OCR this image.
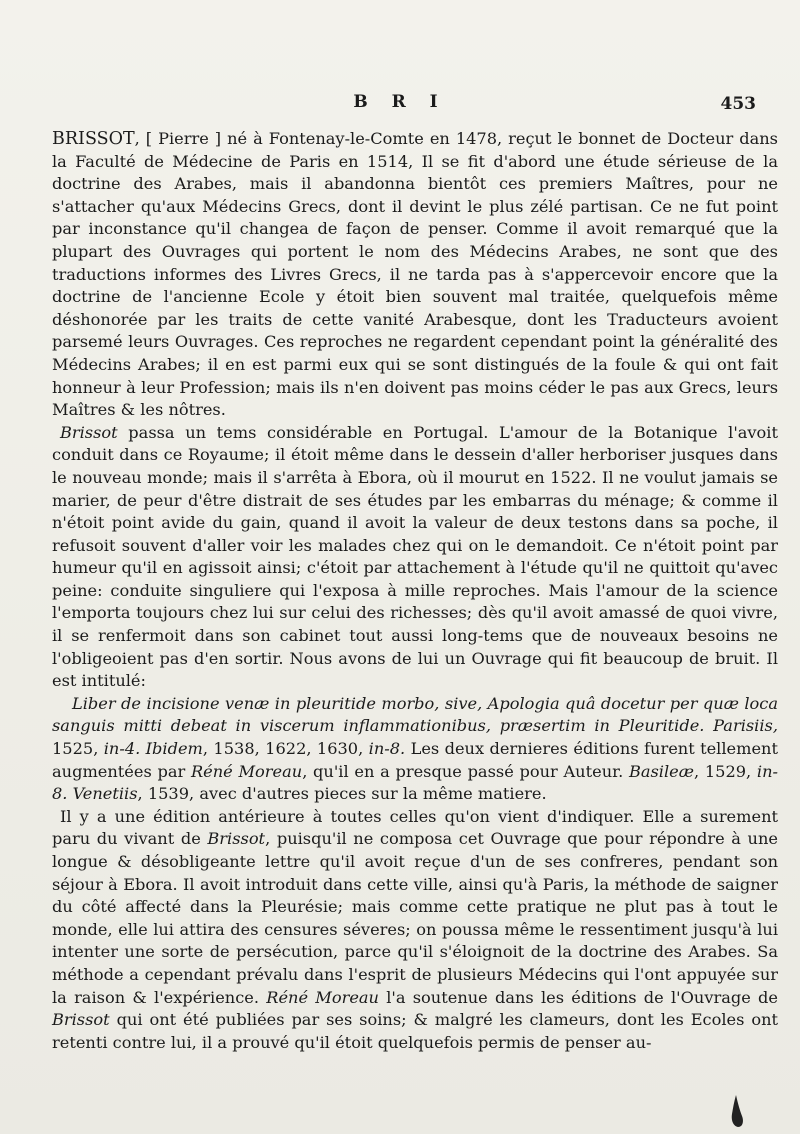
B R I	453

BRISSOT, [ Pierre ] né à Fontenay-le-Comte en 1478, reçut le bonnet de Docteur dans la Faculté de Médecine de Paris en 1514, Il se fit d'abord une étude sérieuse de la doctrine des Arabes, mais il abandonna bientôt ces premiers Maîtres, pour ne s'attacher qu'aux Médecins Grecs, dont il devint le plus zélé partisan. Ce ne fut point par inconstance qu'il changea de façon de penser. Comme il avoit remarqué que la plupart des Ouvrages qui portent le nom des Médecins Arabes, ne sont que des traductions informes des Livres Grecs, il ne tarda pas à s'appercevoir encore que la doctrine de l'ancienne Ecole y étoit bien souvent mal traitée, quelquefois même déshonorée par les traits de cette vanité Arabesque, dont les Traducteurs avoient parsemé leurs Ouvrages. Ces reproches ne regardent cependant point la généralité des Médecins Arabes; il en est parmi eux qui se sont distingués de la foule & qui ont fait honneur à leur Profession; mais ils n'en doivent pas moins céder le pas aux Grecs, leurs Maîtres & les nôtres.

Brissot passa un tems considérable en Portugal. L'amour de la Botanique l'avoit conduit dans ce Royaume; il étoit même dans le dessein d'aller herboriser jusques dans le nouveau monde; mais il s'arrêta à Ebora, où il mourut en 1522. Il ne voulut jamais se marier, de peur d'être distrait de ses études par les embarras du ménage; & comme il n'étoit point avide du gain, quand il avoit la valeur de deux testons dans sa poche, il refusoit souvent d'aller voir les malades chez qui on le demandoit. Ce n'étoit point par humeur qu'il en agissoit ainsi; c'étoit par attachement à l'étude qu'il ne quittoit qu'avec peine: conduite singuliere qui l'exposa à mille reproches. Mais l'amour de la science l'emporta toujours chez lui sur celui des richesses; dès qu'il avoit amassé de quoi vivre, il se renfermoit dans son cabinet tout aussi long-tems que de nouveaux besoins ne l'obligeoient pas d'en sortir. Nous avons de lui un Ouvrage qui fit beaucoup de bruit. Il est intitulé:

Liber de incisione venæ in pleuritide morbo, sive, Apologia quâ docetur per quæ loca sanguis mitti debeat in viscerum inflammationibus, præsertim in Pleuritide. Parisiis, 1525, in-4. Ibidem, 1538, 1622, 1630, in-8. Les deux dernieres éditions furent tellement augmentées par Réné Moreau, qu'il en a presque passé pour Auteur. Basileæ, 1529, in-8. Venetiis, 1539, avec d'autres pieces sur la même matiere.

Il y a une édition antérieure à toutes celles qu'on vient d'indiquer. Elle a surement paru du vivant de Brissot, puisqu'il ne composa cet Ouvrage que pour répondre à une longue & désobligeante lettre qu'il avoit reçue d'un de ses confreres, pendant son séjour à Ebora. Il avoit introduit dans cette ville, ainsi qu'à Paris, la méthode de saigner du côté affecté dans la Pleurésie; mais comme cette pratique ne plut pas à tout le monde, elle lui attira des censures séveres; on poussa même le ressentiment jusqu'à lui intenter une sorte de persécution, parce qu'il s'éloignoit de la doctrine des Arabes. Sa méthode a cependant prévalu dans l'esprit de plusieurs Médecins qui l'ont appuyée sur la raison & l'expérience. Réné Moreau l'a soutenue dans les éditions de l'Ouvrage de Brissot qui ont été publiées par ses soins; & malgré les clameurs, dont les Ecoles ont retenti contre lui, il a prouvé qu'il étoit quelquefois permis de penser au-
